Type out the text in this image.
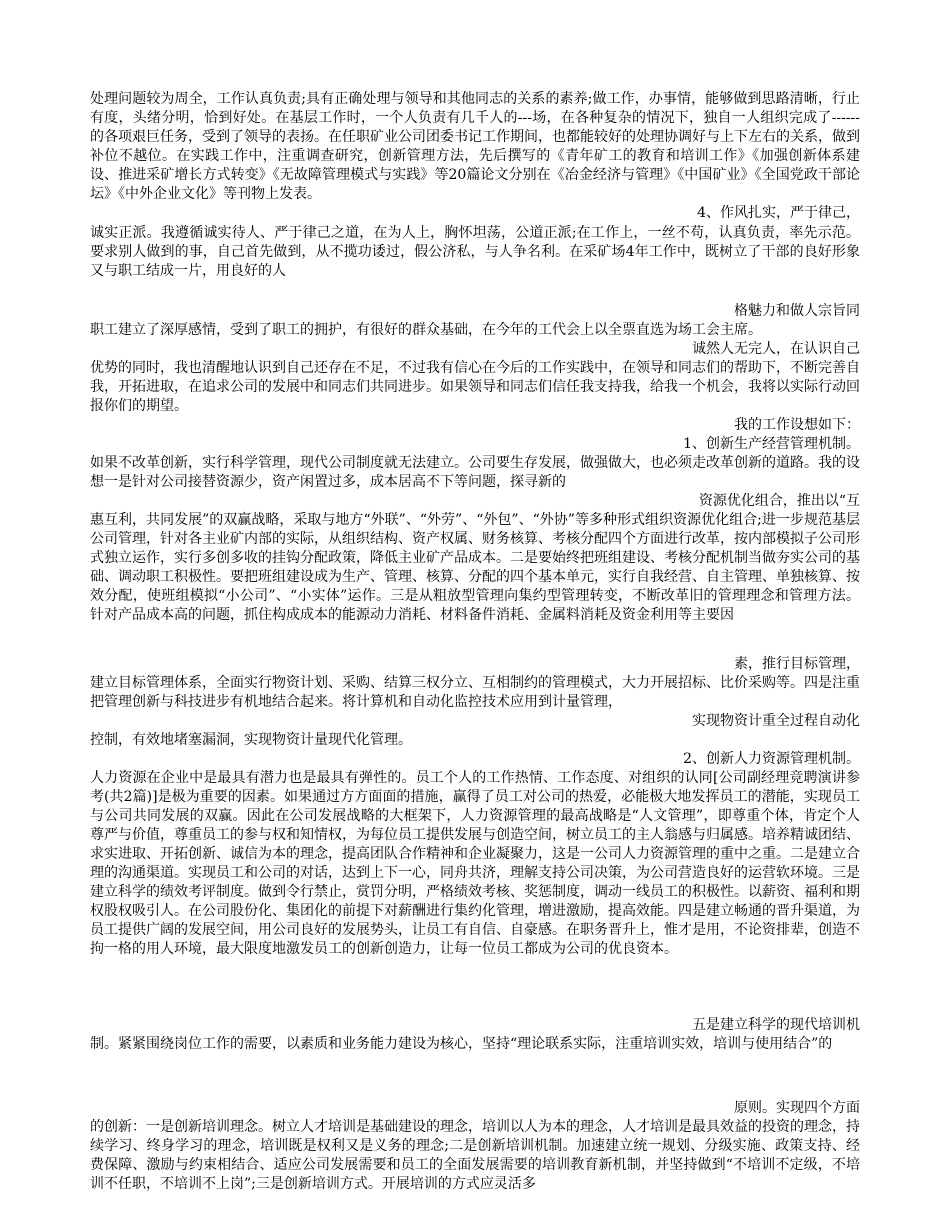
处理问题较为周全，工作认真负责;具有正确处理与领导和其他同志的关系的素养;做工作，办事情，能够做到思路清晰，行止有度，头绪分明，恰到好处。在基层工作时，一个人负责有几千人的---场，在各种复杂的情况下，独自一人组织完成了------的各项艰巨任务，受到了领导的表扬。在任职矿业公司团委书记工作期间，也都能较好的处理协调好与上下左右的关系，做到补位不越位。在实践工作中，注重调查研究，创新管理方法，先后撰写的《青年矿工的教育和培训工作》《加强创新体系建设、推进采矿增长方式转变》《无故障管理模式与实践》等20篇论文分别在《冶金经济与管理》《中国矿业》《全国党政干部论坛》《中外企业文化》等刊物上发表。

4、作风扎实，严于律己，

诚实正派。我遵循诚实待人、严于律己之道，在为人上，胸怀坦荡，公道正派;在工作上，一丝不苟，认真负责，率先示范。要求别人做到的事，自己首先做到，从不揽功诿过，假公济私，与人争名利。在采矿场4年工作中，既树立了干部的良好形象又与职工结成一片，用良好的人

格魅力和做人宗旨同

职工建立了深厚感情，受到了职工的拥护，有很好的群众基础，在今年的工代会上以全票直选为场工会主席。

诚然人无完人，在认识自己

优势的同时，我也清醒地认识到自己还存在不足，不过我有信心在今后的工作实践中，在领导和同志们的帮助下，不断完善自我，开拓进取，在追求公司的发展中和同志们共同进步。如果领导和同志们信任我支持我，给我一个机会，我将以实际行动回报你们的期望。

我的工作设想如下：

1、创新生产经营管理机制。

如果不改革创新，实行科学管理，现代公司制度就无法建立。公司要生存发展，做强做大，也必须走改革创新的道路。我的设想一是针对公司接替资源少，资产闲置过多，成本居高不下等问题，探寻新的

资源优化组合，推出以“互

惠互利，共同发展”的双赢战略，采取与地方“外联”、“外劳”、“外包”、“外协”等多种形式组织资源优化组合;进一步规范基层公司管理，针对各主业矿内部的实际，从组织结构、资产权属、财务核算、考核分配四个方面进行改革，按内部模拟子公司形式独立运作，实行多创多收的挂钩分配政策，降低主业矿产品成本。二是要始终把班组建设、考核分配机制当做夯实公司的基础、调动职工积极性。要把班组建设成为生产、管理、核算、分配的四个基本单元，实行自我经营、自主管理、单独核算、按效分配，使班组模拟“小公司”、“小实体”运作。三是从粗放型管理向集约型管理转变，不断改革旧的管理理念和管理方法。针对产品成本高的问题，抓住构成成本的能源动力消耗、材料备件消耗、金属料消耗及资金利用等主要因

素，推行目标管理，

建立目标管理体系，全面实行物资计划、采购、结算三权分立、互相制约的管理模式，大力开展招标、比价采购等。四是注重把管理创新与科技进步有机地结合起来。将计算机和自动化监控技术应用到计量管理，

实现物资计重全过程自动化

控制，有效地堵塞漏洞，实现物资计量现代化管理。

2、创新人力资源管理机制。

人力资源在企业中是最具有潜力也是最具有弹性的。员工个人的工作热情、工作态度、对组织的认同[公司副经理竞聘演讲参考(共2篇)]是极为重要的因素。如果通过方方面面的措施，赢得了员工对公司的热爱，必能极大地发挥员工的潜能，实现员工与公司共同发展的双赢。因此在公司发展战略的大框架下，人力资源管理的最高战略是“人文管理”，即尊重个体，肯定个人尊严与价值，尊重员工的参与权和知情权，为每位员工提供发展与创造空间，树立员工的主人翁感与归属感。培养精诚团结、求实进取、开拓创新、诚信为本的理念，提高团队合作精神和企业凝聚力，这是一公司人力资源管理的重中之重。二是建立合理的沟通渠道。实现员工和公司的对话，达到上下一心，同舟共济，理解支持公司决策，为公司营造良好的运营软环境。三是建立科学的绩效考评制度。做到令行禁止，赏罚分明，严格绩效考核、奖惩制度，调动一线员工的积极性。以薪资、福利和期权股权吸引人。在公司股份化、集团化的前提下对薪酬进行集约化管理，增进激励，提高效能。四是建立畅通的晋升渠道，为员工提供广阔的发展空间，用公司良好的发展势头，让员工有自信、自豪感。在职务晋升上，惟才是用，不论资排辈，创造不拘一格的用人环境，最大限度地激发员工的创新创造力，让每一位员工都成为公司的优良资本。

五是建立科学的现代培训机

制。紧紧围绕岗位工作的需要，以素质和业务能力建设为核心，坚持“理论联系实际，注重培训实效，培训与使用结合”的

原则。实现四个方面

的创新：一是创新培训理念。树立人才培训是基础建设的理念，培训以人为本的理念，人才培训是最具效益的投资的理念，持续学习、终身学习的理念，培训既是权利又是义务的理念;二是创新培训机制。加速建立统一规划、分级实施、政策支持、经费保障、激励与约束相结合、适应公司发展需要和员工的全面发展需要的培训教育新机制，并坚持做到“不培训不定级，不培训不任职，不培训不上岗”;三是创新培训方式。开展培训的方式应灵活多
